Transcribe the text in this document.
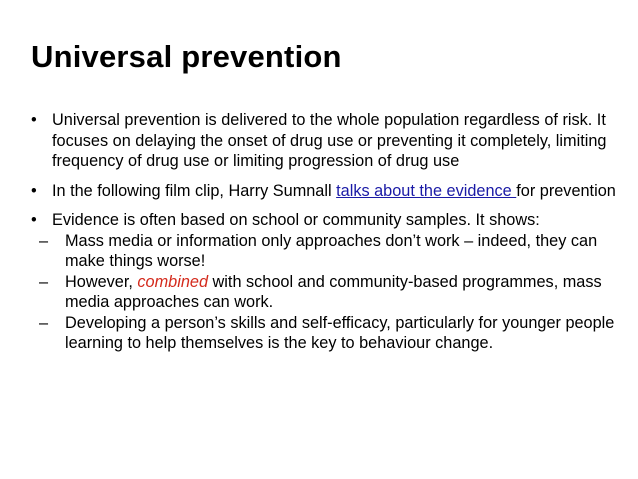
Universal prevention
• Universal prevention is delivered to the whole population regardless of risk. It focuses on delaying the onset of drug use or preventing it completely, limiting frequency of drug use or limiting progression of drug use
• In the following film clip, Harry Sumnall talks about the evidence for prevention
• Evidence is often based on school or community samples. It shows:
– Mass media or information only approaches don’t work – indeed, they can make things worse!
– However, combined with school and community-based programmes, mass media approaches can work.
– Developing a person’s skills and self-efficacy, particularly for younger people learning to help themselves is the key to behaviour change.
